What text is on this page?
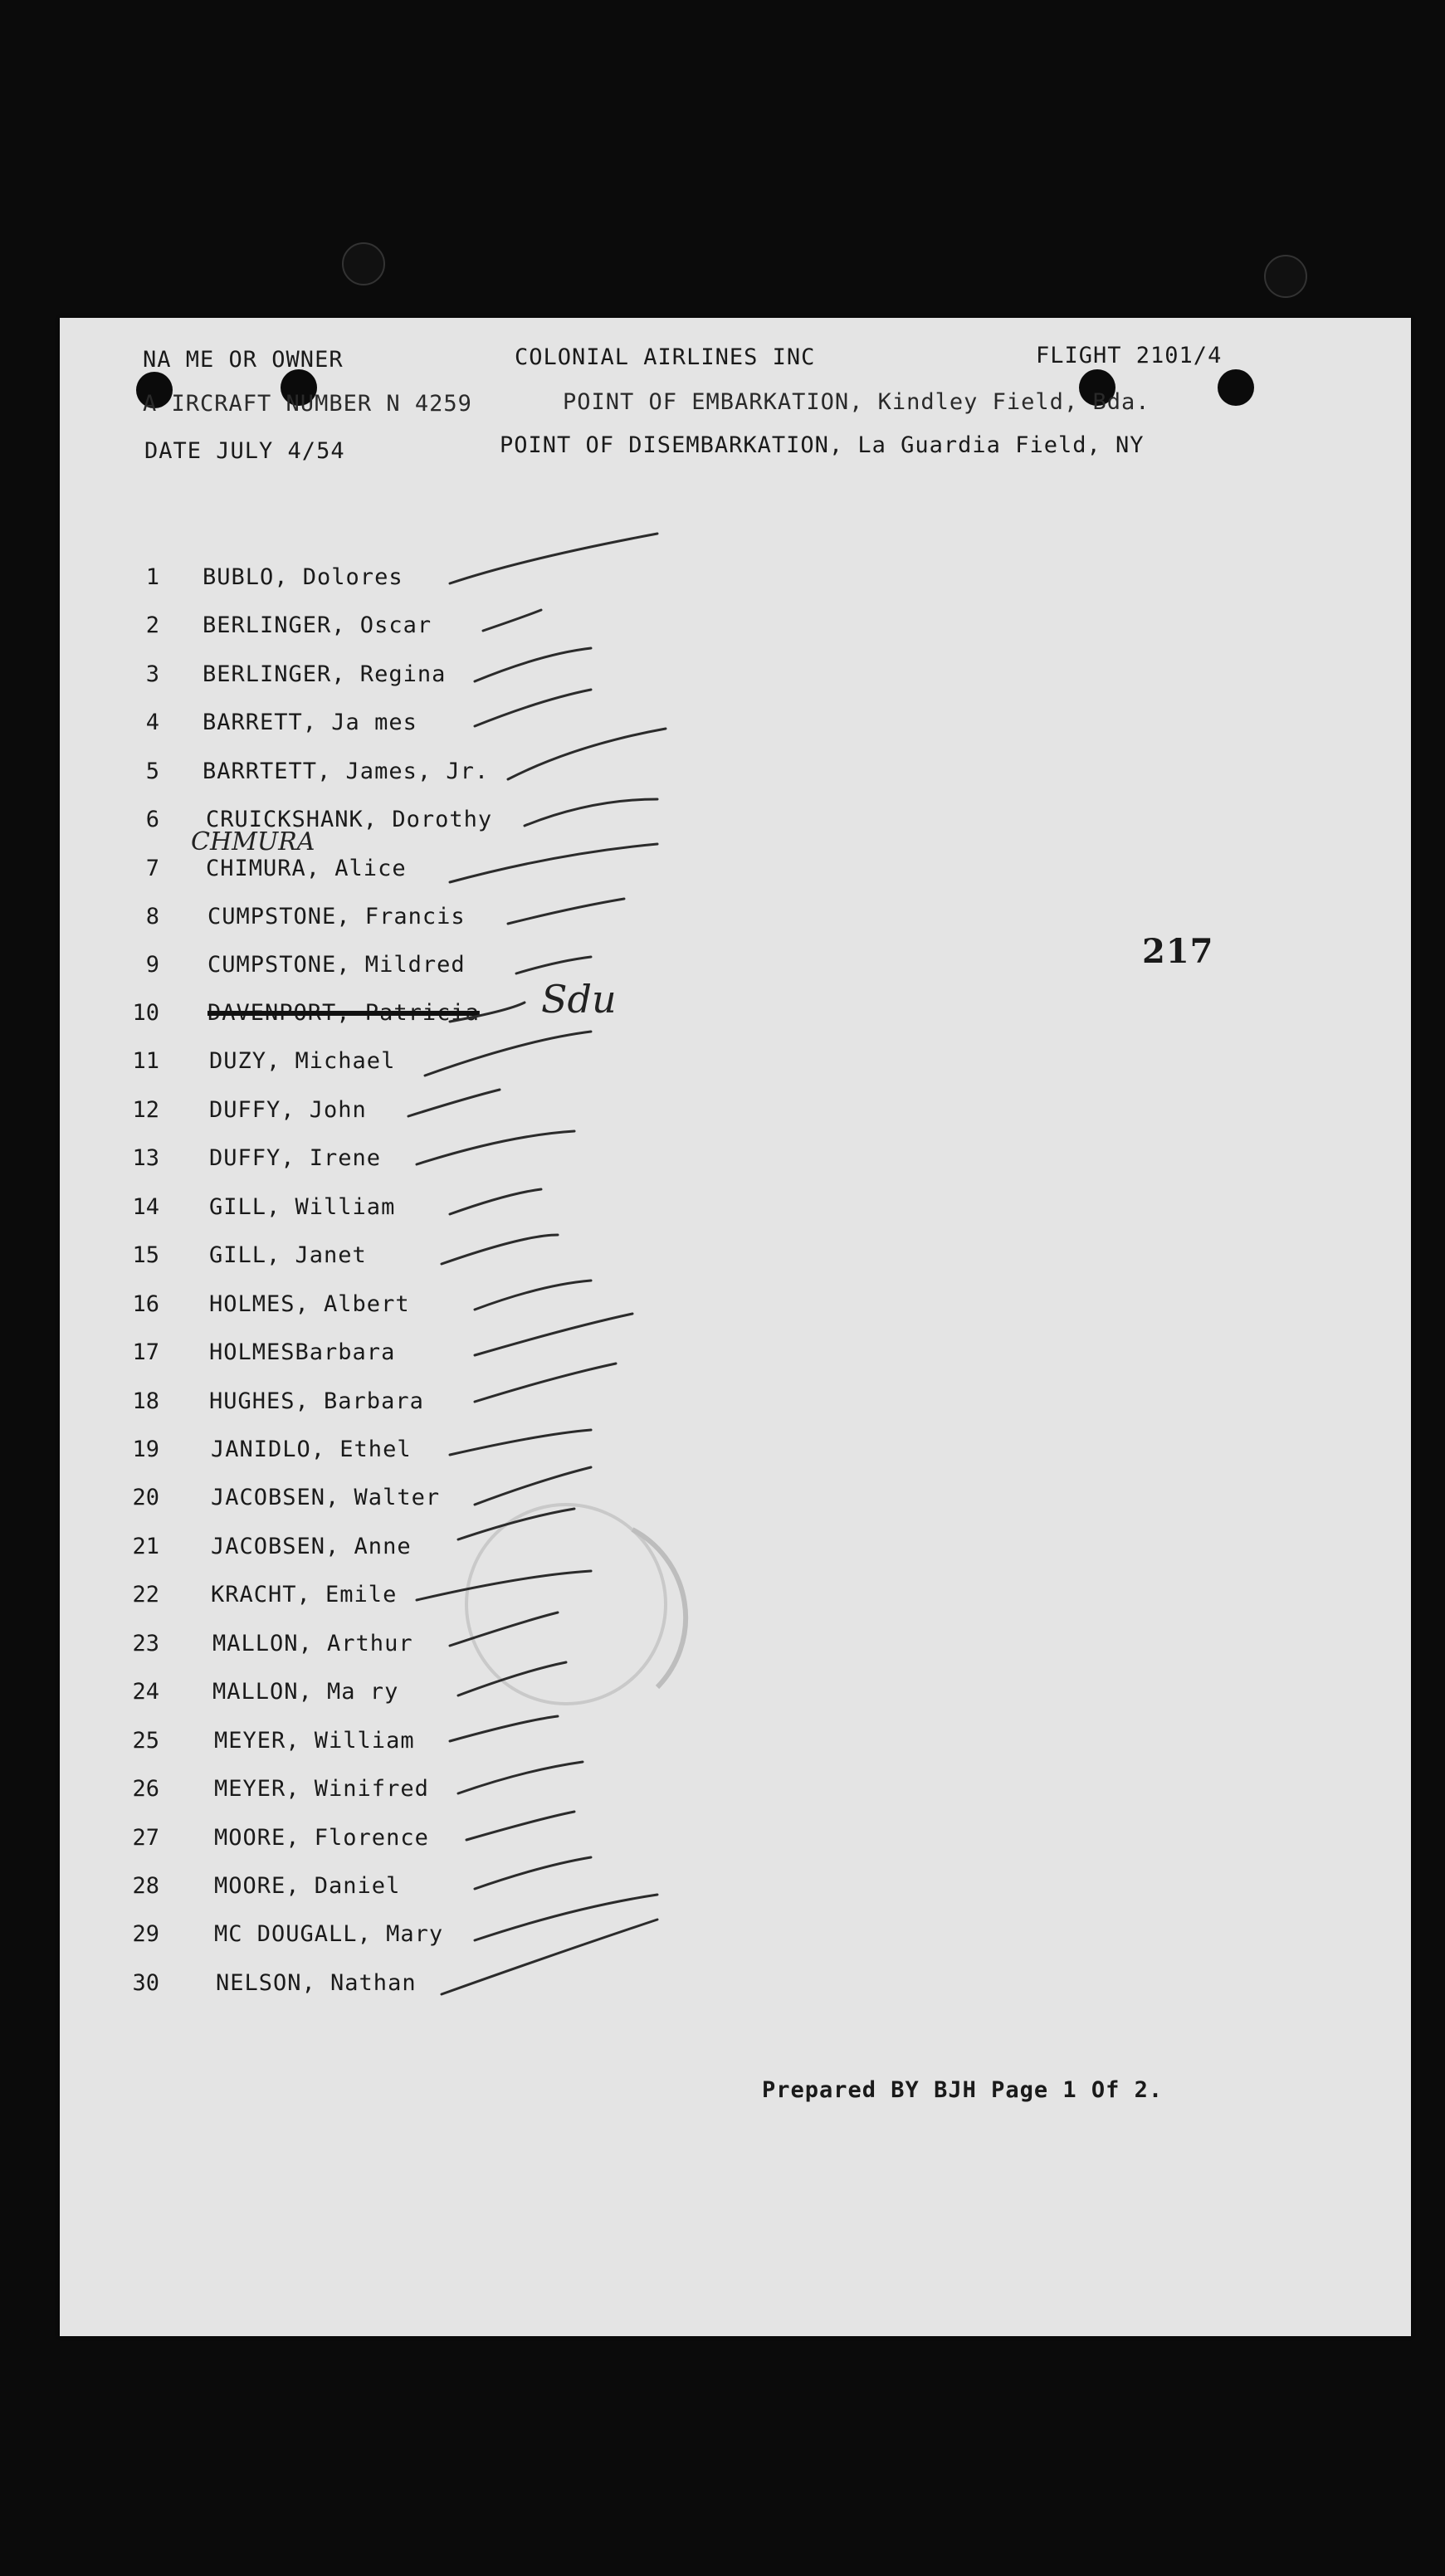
NA ME OR OWNER	COLONIAL AIRLINES INC	FLIGHT 2101/4
A IRCRAFT NUMBER N 4259	POINT OF EMBARKATION, Kindley Field, Bda.
DATE JULY 4/54	POINT OF DISEMBARKATION, La Guardia Field, NY
217
CHMURA
Sdu
1 BUBLO, Dolores
2 BERLINGER, Oscar
3 BERLINGER, Regina
4 BARRETT, Ja mes
5 BARRTETT, James, Jr.
6 CRUICKSHANK, Dorothy
7 CHIMURA, Alice
8 CUMPSTONE, Francis
9 CUMPSTONE, Mildred
10 DAVENPORT, Patricia
11 DUZY, Michael
12 DUFFY, John
13 DUFFY, Irene
14 GILL, William
15 GILL, Janet
16 HOLMES, Albert
17 HOLMESBarbara
18 HUGHES, Barbara
19 JANIDLO, Ethel
20 JACOBSEN, Walter
21 JACOBSEN, Anne
22 KRACHT, Emile
23 MALLON, Arthur
24 MALLON, Ma ry
25 MEYER, William
26 MEYER, Winifred
27 MOORE, Florence
28 MOORE, Daniel
29 MC DOUGALL, Mary
30	NELSON, Nathan
Prepared BY BJH Page 1 Of 2.
